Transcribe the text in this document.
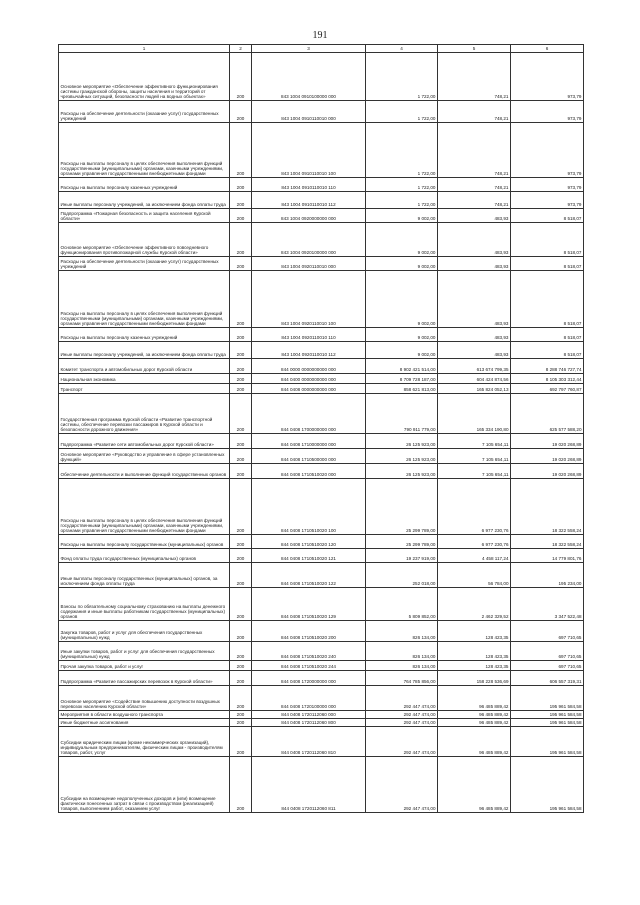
191
1	2	3	4	5	6
Основное мероприятие «Обеспечение эффективного функционирования системы гражданской обороны, защиты населения и территорий от чрезвычайных ситуаций, безопасности людей на водных объектах»	200	843 1004 0910100000 000	1 722,00	748,21	973,79
Расходы на обеспечение деятельности (оказание услуг) государственных учреждений	200	843 1004 0910110010 000	1 722,00	748,21	973,79
Расходы на выплаты персоналу в целях обеспечения выполнения функций государственными (муниципальными) органами, казенными учреждениями, органами управления государственными внебюджетными фондами	200	843 1004 0910110010 100	1 722,00	748,21	973,79
Расходы на выплаты персоналу казенных учреждений	200	843 1004 0910110010 110	1 722,00	748,21	973,79
Иные выплаты персоналу учреждений, за исключением фонда оплаты труда	200	843 1004 0910110010 112	1 722,00	748,21	973,79
Подпрограмма «Пожарная безопасность и защита населения Курской области»	200	843 1004 0920000000 000	9 002,00	483,93	8 518,07
Основное мероприятие «Обеспечение эффективного повседневного функционирования противопожарной службы Курской области»	200	843 1004 0920100000 000	9 002,00	483,93	8 518,07
Расходы на обеспечение деятельности (оказание услуг) государственных учреждений	200	843 1004 0920110010 000	9 002,00	483,93	8 518,07
Расходы на выплаты персоналу в целях обеспечения выполнения функций государственными (муниципальными) органами, казенными учреждениями, органами управления государственными внебюджетными фондами	200	843 1004 0920110010 100	9 002,00	483,93	8 518,07
Расходы на выплаты персоналу казенных учреждений	200	843 1004 0920110010 110	9 002,00	483,93	8 518,07
Иные выплаты персоналу учреждений, за исключением фонда оплаты труда	200	843 1004 0920110010 112	9 002,00	483,93	8 518,07
Комитет транспорта и автомобильных дорог Курской области	200	844 0000 0000000000 000	8 902 421 514,00	613 674 799,35	8 288 746 727,74
Национальная экономика	200	844 0400 0000000000 000	8 709 728 187,00	604 424 874,56	8 105 303 312,44
Транспорт	200	844 0408 0000000000 000	858 621 813,00	165 824 052,13	692 797 760,87
Государственная программа Курской области «Развитие транспортной системы, обеспечение перевозки пассажиров в Курской области и безопасности дорожного движения»	200	844 0408 1700000000 000	790 911 779,00	165 334 190,80	625 577 588,20
Подпрограмма «Развитие сети автомобильных дорог Курской области»	200	844 0408 1710000000 000	26 125 923,00	7 105 654,11	19 020 268,89
Основное мероприятие «Руководство и управление в сфере установленных функций»	200	844 0408 1710500000 000	26 125 923,00	7 105 654,11	19 020 268,89
Обеспечение деятельности и выполнение функций государственных органов	200	844 0408 1710510020 000	26 125 923,00	7 105 654,11	19 020 268,89
Расходы на выплаты персоналу в целях обеспечения выполнения функций государственными (муниципальными) органами, казенными учреждениями, органами управления государственными внебюджетными фондами	200	844 0408 1710510020 100	25 299 789,00	6 977 230,76	18 322 558,24
Расходы на выплаты персоналу государственных (муниципальных) органов	200	844 0408 1710510020 120	25 299 789,00	6 977 230,76	18 322 558,24
Фонд оплаты труда государственных (муниципальных) органов	200	844 0408 1710510020 121	19 237 919,00	4 458 117,24	14 779 801,76
Иные выплаты персоналу государственных (муниципальных) органов, за исключением фонда оплаты труда	200	844 0408 1710510020 122	252 018,00	56 784,00	195 234,00
Взносы по обязательному социальному страхованию на выплаты денежного содержания и иные выплаты работникам государственных (муниципальных) органов	200	844 0408 1710510020 129	5 809 852,00	2 462 329,52	3 347 522,48
Закупка товаров, работ и услуг для обеспечения государственных (муниципальных) нужд	200	844 0408 1710510020 200	826 134,00	128 423,35	697 710,65
Иные закупки товаров, работ и услуг для обеспечения государственных (муниципальных) нужд	200	844 0408 1710510020 240	826 134,00	128 423,35	697 710,65
Прочая закупка товаров, работ и услуг	200	844 0408 1710510020 244	826 134,00	128 423,35	697 710,65
Подпрограмма «Развитие пассажирских перевозок в Курской области»	200	844 0408 1720000000 000	764 785 856,00	158 228 536,69	606 557 319,31
Основное мероприятие «Содействие повышению доступности воздушных перевозок населению Курской области»	200	844 0408 1720100000 000	292 447 474,00	96 485 889,42	195 961 584,58
Мероприятия в области воздушного транспорта	200	844 0408 1720112060 000	292 447 474,00	96 485 889,42	195 961 584,58
Иные бюджетные ассигнования	200	844 0408 1720112060 800	292 447 474,00	96 485 889,42	195 961 584,58
Субсидии юридическим лицам (кроме некоммерческих организаций), индивидуальным предпринимателям, физическим лицам - производителям товаров, работ, услуг	200	844 0408 1720112060 810	292 447 474,00	96 485 889,42	195 961 584,58
Субсидии на возмещение недополученных доходов и (или) возмещение фактически понесенных затрат в связи с производством (реализацией) товаров, выполнением работ, оказанием услуг	200	844 0408 1720112060 811	292 447 474,00	96 485 889,42	195 961 584,58
